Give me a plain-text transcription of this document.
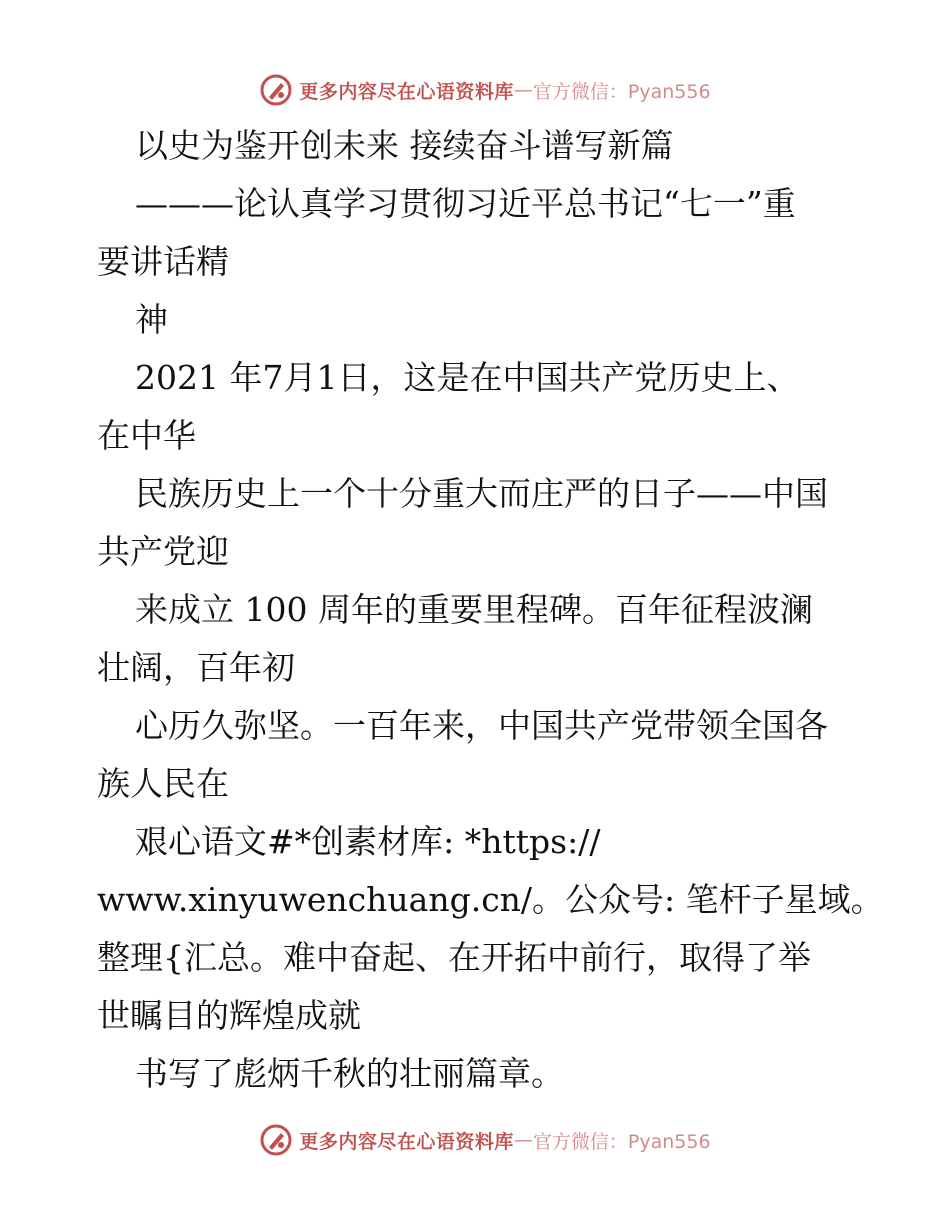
更多内容尽在心语资料库 — 官方微信：Pyan556
以史为鉴开创未来 接续奋斗谱写新篇
———论认真学习贯彻习近平总书记“七一”重
要讲话精
神
2021 年7月1日，这是在中国共产党历史上、
在中华
民族历史上一个十分重大而庄严的日子——中国
共产党迎
来成立 100 周年的重要里程碑。百年征程波澜
壮阔，百年初
心历久弥坚。一百年来，中国共产党带领全国各
族人民在
艰心语文#*创素材库: *https://
www.xinyuwenchuang.cn/。公众号: 笔杆子星域。
整理{汇总。难中奋起、在开拓中前行，取得了举
世瞩目的辉煌成就
书写了彪炳千秋的壮丽篇章。
更多内容尽在心语资料库 — 官方微信：Pyan556
